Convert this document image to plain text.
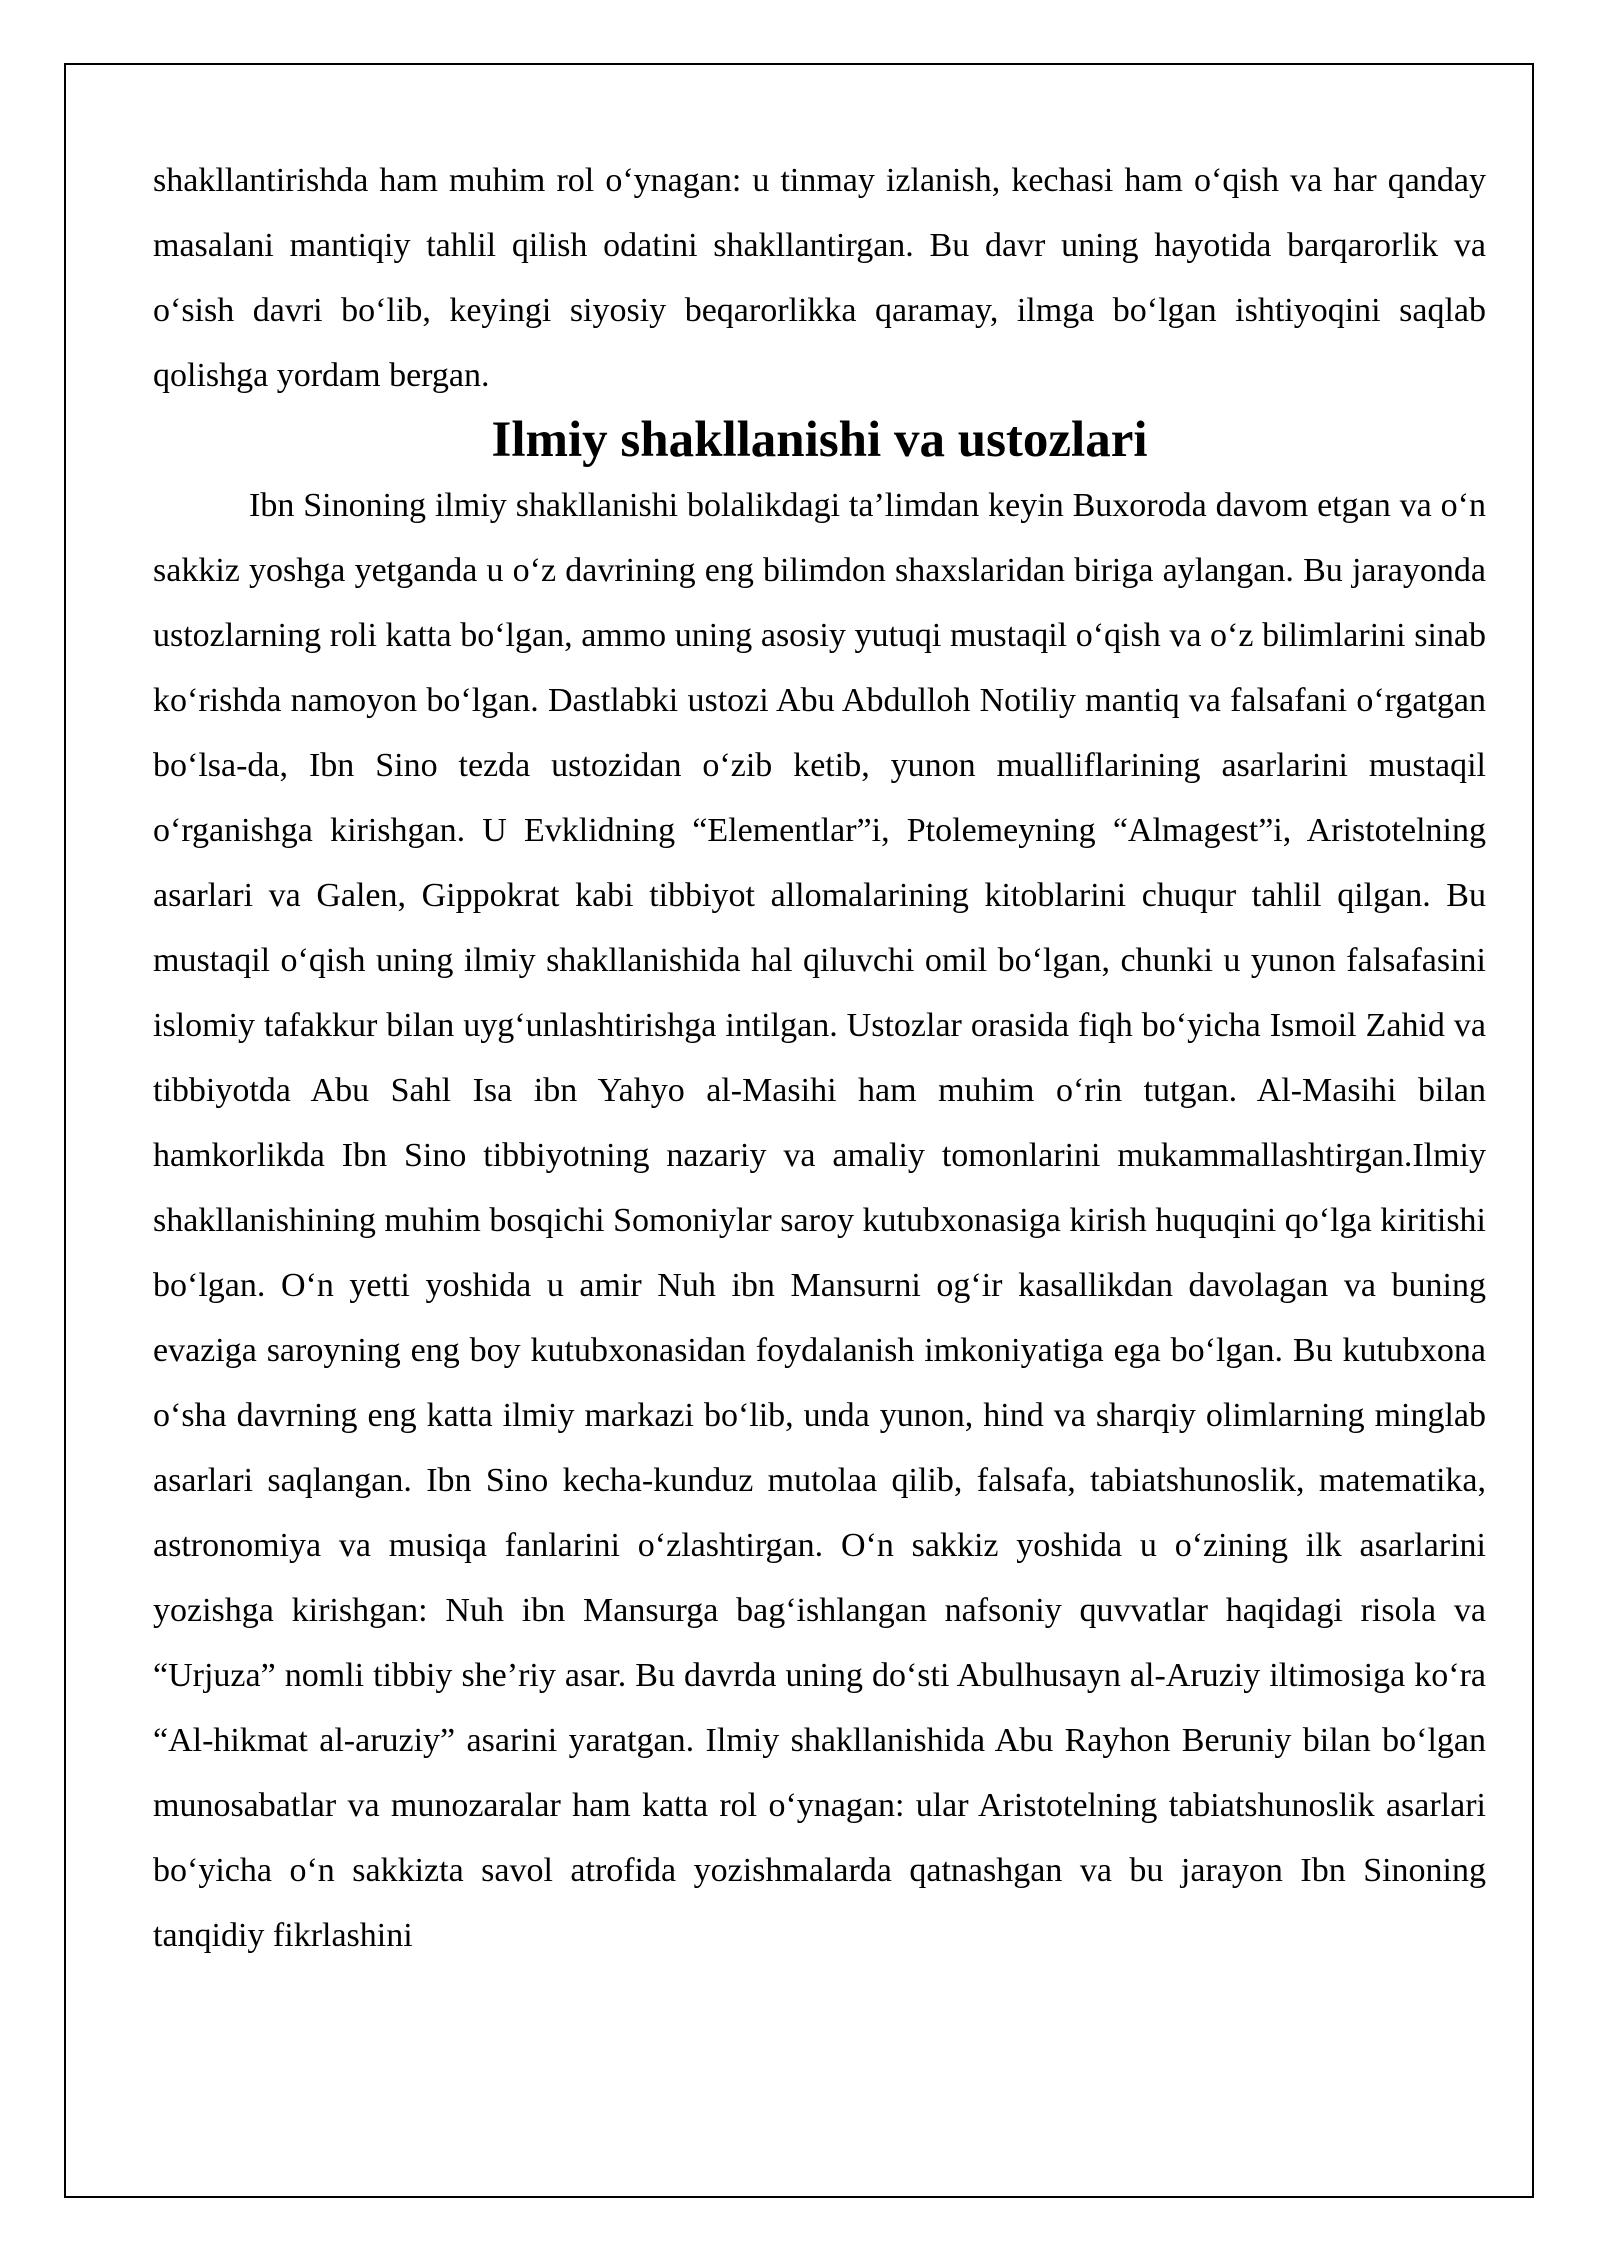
shakllantirishda ham muhim rol o‘ynagan: u tinmay izlanish, kechasi ham o‘qish va har qanday masalani mantiqiy tahlil qilish odatini shakllantirgan. Bu davr uning hayotida barqarorlik va o‘sish davri bo‘lib, keyingi siyosiy beqarorlikka qaramay, ilmga bo‘lgan ishtiyoqini saqlab qolishga yordam bergan.

Ilmiy shakllanishi va ustozlari

Ibn Sinoning ilmiy shakllanishi bolalikdagi ta’limdan keyin Buxoroda davom etgan va o‘n sakkiz yoshga yetganda u o‘z davrining eng bilimdon shaxslaridan biriga aylangan. Bu jarayonda ustozlarning roli katta bo‘lgan, ammo uning asosiy yutuqi mustaqil o‘qish va o‘z bilimlarini sinab ko‘rishda namoyon bo‘lgan. Dastlabki ustozi Abu Abdulloh Notiliy mantiq va falsafani o‘rgatgan bo‘lsa-da, Ibn Sino tezda ustozidan o‘zib ketib, yunon mualliflarining asarlarini mustaqil o‘rganishga kirishgan. U Evklidning “Elementlar”i, Ptolemeyning “Almagest”i, Aristotelning asarlari va Galen, Gippokrat kabi tibbiyot allomalarining kitoblarini chuqur tahlil qilgan. Bu mustaqil o‘qish uning ilmiy shakllanishida hal qiluvchi omil bo‘lgan, chunki u yunon falsafasini islomiy tafakkur bilan uyg‘unlashtirishga intilgan. Ustozlar orasida fiqh bo‘yicha Ismoil Zahid va tibbiyotda Abu Sahl Isa ibn Yahyo al-Masihi ham muhim o‘rin tutgan. Al-Masihi bilan hamkorlikda Ibn Sino tibbiyotning nazariy va amaliy tomonlarini mukammallashtirgan.Ilmiy shakllanishining muhim bosqichi Somoniylar saroy kutubxonasiga kirish huquqini qo‘lga kiritishi bo‘lgan. O‘n yetti yoshida u amir Nuh ibn Mansurni og‘ir kasallikdan davolagan va buning evaziga saroyning eng boy kutubxonasidan foydalanish imkoniyatiga ega bo‘lgan. Bu kutubxona o‘sha davrning eng katta ilmiy markazi bo‘lib, unda yunon, hind va sharqiy olimlarning minglab asarlari saqlangan. Ibn Sino kecha-kunduz mutolaa qilib, falsafa, tabiatshunoslik, matematika, astronomiya va musiqa fanlarini o‘zlashtirgan. O‘n sakkiz yoshida u o‘zining ilk asarlarini yozishga kirishgan: Nuh ibn Mansurga bag‘ishlangan nafsoniy quvvatlar haqidagi risola va “Urjuza” nomli tibbiy she’riy asar. Bu davrda uning do‘sti Abulhusayn al-Aruziy iltimosiga ko‘ra “Al-hikmat al-aruziy” asarini yaratgan. Ilmiy shakllanishida Abu Rayhon Beruniy bilan bo‘lgan munosabatlar va munozaralar ham katta rol o‘ynagan: ular Aristotelning tabiatshunoslik asarlari bo‘yicha o‘n sakkizta savol atrofida yozishmalarda qatnashgan va bu jarayon Ibn Sinoning tanqidiy fikrlashini
